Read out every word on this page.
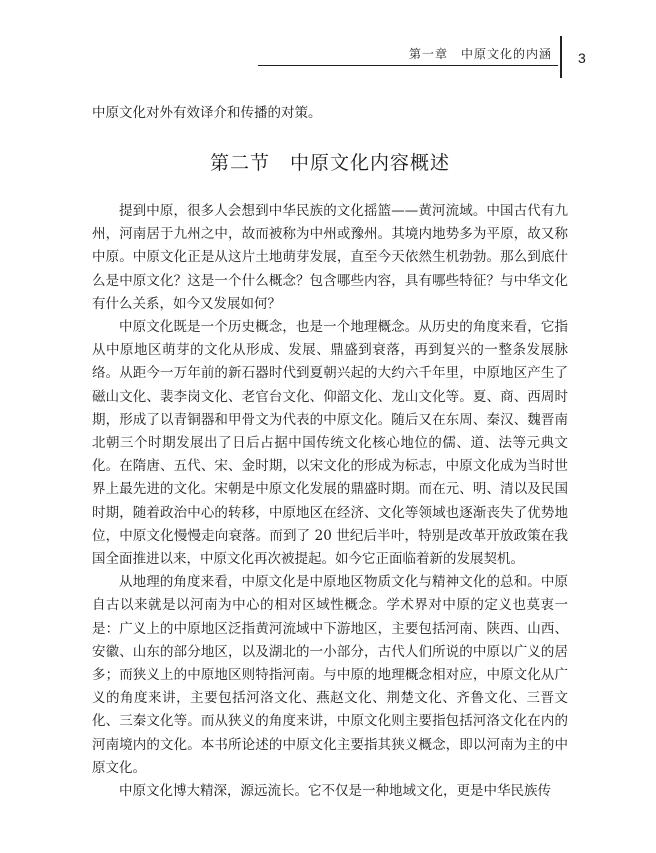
第一章　中原文化的内涵 3
中原文化对外有效译介和传播的对策。
第二节　中原文化内容概述

提到中原，很多人会想到中华民族的文化摇篮——黄河流域。中国古代有九州，河南居于九州之中，故而被称为中州或豫州。其境内地势多为平原，故又称中原。中原文化正是从这片土地萌芽发展，直至今天依然生机勃勃。那么到底什么是中原文化？这是一个什么概念？包含哪些内容，具有哪些特征？与中华文化有什么关系，如今又发展如何？

中原文化既是一个历史概念，也是一个地理概念。从历史的角度来看，它指从中原地区萌芽的文化从形成、发展、鼎盛到衰落，再到复兴的一整条发展脉络。从距今一万年前的新石器时代到夏朝兴起的大约六千年里，中原地区产生了磁山文化、裴李岗文化、老官台文化、仰韶文化、龙山文化等。夏、商、西周时期，形成了以青铜器和甲骨文为代表的中原文化。随后又在东周、秦汉、魏晋南北朝三个时期发展出了日后占据中国传统文化核心地位的儒、道、法等元典文化。在隋唐、五代、宋、金时期，以宋文化的形成为标志，中原文化成为当时世界上最先进的文化。宋朝是中原文化发展的鼎盛时期。而在元、明、清以及民国时期，随着政治中心的转移，中原地区在经济、文化等领域也逐渐丧失了优势地位，中原文化慢慢走向衰落。而到了 20 世纪后半叶，特别是改革开放政策在我国全面推进以来，中原文化再次被提起。如今它正面临着新的发展契机。

从地理的角度来看，中原文化是中原地区物质文化与精神文化的总和。中原自古以来就是以河南为中心的相对区域性概念。学术界对中原的定义也莫衷一是：广义上的中原地区泛指黄河流域中下游地区，主要包括河南、陕西、山西、安徽、山东的部分地区，以及湖北的一小部分，古代人们所说的中原以广义的居多；而狭义上的中原地区则特指河南。与中原的地理概念相对应，中原文化从广义的角度来讲，主要包括河洛文化、燕赵文化、荆楚文化、齐鲁文化、三晋文化、三秦文化等。而从狭义的角度来讲，中原文化则主要指包括河洛文化在内的河南境内的文化。本书所论述的中原文化主要指其狭义概念，即以河南为主的中原文化。

中原文化博大精深，源远流长。它不仅是一种地域文化，更是中华民族传
